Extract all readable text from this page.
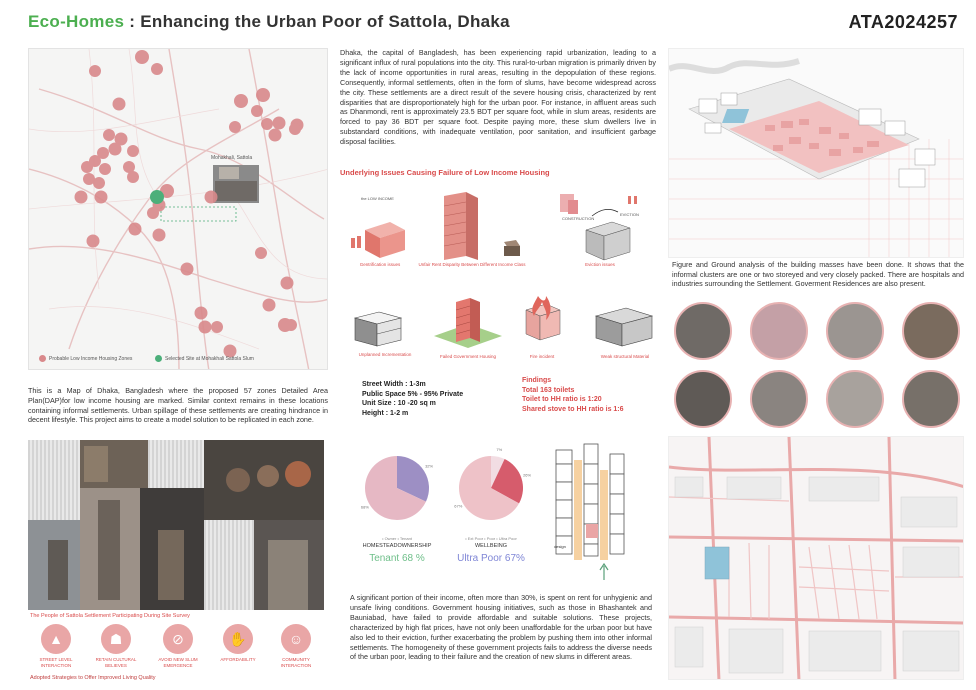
Eco-Homes : Enhancing the Urban Poor of Sattola, Dhaka	ATA2024257
Mohakhali, Sattola
Probable Low Income Housing Zones	Selected Site at Mohakhali Sattola Slum

This is a Map of Dhaka, Bangladesh where the proposed 57 zones Detailed Area Plan(DAP)for low income housing are marked. Similar context remains in these locations containing informal settlements. Urban spillage of these settlements are creating hindrance in decent lifestyle. This project aims to create a model solution to be replicated in each zone.

The People of Sattola Settlement Participating During Site Survey
▲
STREET LEVEL INTERACTION
☗
RETAIN CULTURAL BELIEVES
⊘
AVOID NEW SLUM EMERGENCE
✋
AFFORDABILITY
☺
COMMUNITY INTERACTION
Adopted Strategies to Offer Improved Living Quality

Dhaka, the capital of Bangladesh, has been experiencing rapid urbanization, leading to a significant influx of rural populations into the city. This rural-to-urban migration is primarily driven by the lack of income opportunities in rural areas, resulting in the depopulation of these regions. Consequently, informal settlements, often in the form of slums, have become widespread across the city. These settlements are a direct result of the severe housing crisis, characterized by rent disparities that are disproportionately high for the urban poor. For instance, in affluent areas such as Dhanmondi, rent is approximately 23.5 BDT per square foot, while in slum areas, residents are forced to pay 36 BDT per square foot. Despite paying more, these slum dwellers live in substandard conditions, with inadequate ventilation, poor sanitation, and insufficient garbage disposal facilities.

Underlying Issues Causing Failure of Low Income Housing
the LOW INCOME
Gentrification issues	Unfair Rent Disparity Between Different Income Class
CONSTRUCTION
EVICTION
Eviction issues
Unplanned Incrementation	Failed Government Housing	Fire incident	Weak structural Material
Street Width : 1-3m
Public Space 5% - 95% Private
Unit Size : 10 -20 sq m
Height : 1-2 m
Findings
Total 163 toilets
Toilet to HH ratio is 1:20
Shared stove to HH ratio is 1:6
32%
68%
• Owner • Tenant
HOMESTEADOWNERSHIP
Tenant 68 %
7%
26%
67%
• Ext Poor • Poor • Ultra Poor
WELLBEING
Ultra Poor 67%
design

A significant portion of their income, often more than 30%, is spent on rent for unhygienic and unsafe living conditions. Government housing initiatives, such as those in Bhashantek and Bauniabad, have failed to provide affordable and suitable solutions. These projects, characterized by high flat prices, have not only been unaffordable for the urban poor but have also led to their eviction, further exacerbating the problem by pushing them into other informal settlements. The homogeneity of these government projects fails to address the diverse needs of the urban poor, leading to their failure and the creation of new slums in different areas.

Figure and Ground analysis of the building masses have been done. It shows that the informal clusters are one or two storeyed and very closely packed. There are hospitals and industries surrounding the Settlement. Goverment Residences are also present.
